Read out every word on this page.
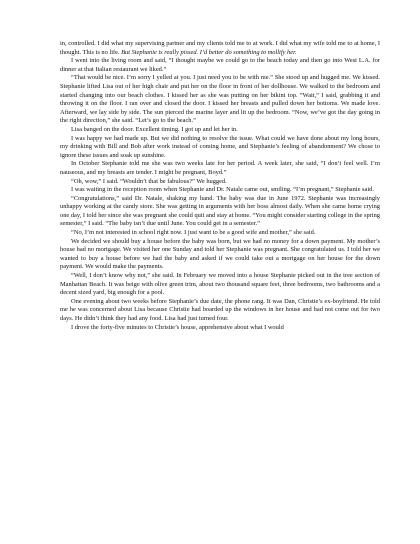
in, controlled. I did what my supervising partner and my clients told me to at work. I did what my wife told me to at home, I thought. This is no life. But Stephanie is really pissed. I’d better do something to mollify her.

I went into the living room and said, “I thought maybe we could go to the beach today and then go into West L.A. for dinner at that Italian restaurant we liked.”

“That would be nice. I’m sorry I yelled at you. I just need you to be with me.” She stood up and hugged me. We kissed. Stephanie lifted Lisa out of her high chair and put her on the floor in front of her dollhouse. We walked to the bedroom and started changing into our beach clothes. I kissed her as she was putting on her bikini top. “Wait,” I said, grabbing it and throwing it on the floor. I ran over and closed the door. I kissed her breasts and pulled down her bottoms. We made love. Afterward, we lay side by side. The sun pierced the marine layer and lit up the bedroom. “Now, we’ve got the day going in the right direction,” she said. “Let’s go to the beach.”

Lisa banged on the door. Excellent timing. I got up and let her in.

I was happy we had made up. But we did nothing to resolve the issue. What could we have done about my long hours, my drinking with Bill and Bob after work instead of coming home, and Stephanie’s feeling of abandonment? We chose to ignore these issues and soak up sunshine.

In October Stephanie told me she was two weeks late for her period. A week later, she said, “I don’t feel well. I’m nauseous, and my breasts are tender. I might be pregnant, Boyd.”

“Oh, wow,” I said. “Wouldn’t that be fabulous?” We hugged.

I was waiting in the reception room when Stephanie and Dr. Natale came out, smiling. “I’m pregnant,” Stephanie said.

“Congratulations,” said Dr. Natale, shaking my hand. The baby was due in June 1972. Stephanie was increasingly unhappy working at the candy store. She was getting in arguments with her boss almost daily. When she came home crying one day, I told her since she was pregnant she could quit and stay at home. “You might consider starting college in the spring semester,” I said. “The baby isn’t due until June. You could get in a semester.”

“No, I’m not interested in school right now. I just want to be a good wife and mother,” she said.

We decided we should buy a house before the baby was born, but we had no money for a down payment. My mother’s house had no mortgage. We visited her one Sunday and told her Stephanie was pregnant. She congratulated us. I told her we wanted to buy a house before we had the baby and asked if we could take out a mortgage on her house for the down payment. We would make the payments.

“Well, I don’t know why not,” she said. In February we moved into a house Stephanie picked out in the tree section of Manhattan Beach. It was beige with olive green trim, about two thousand square feet, three bedrooms, two bathrooms and a decent sized yard, big enough for a pool.

One evening about two weeks before Stephanie’s due date, the phone rang. It was Dan, Christie’s ex-boyfriend. He told me he was concerned about Lisa because Christie had boarded up the windows in her house and had not come out for two days. He didn’t think they had any food. Lisa had just turned four.

I drove the forty-five minutes to Christie’s house, apprehensive about what I would
